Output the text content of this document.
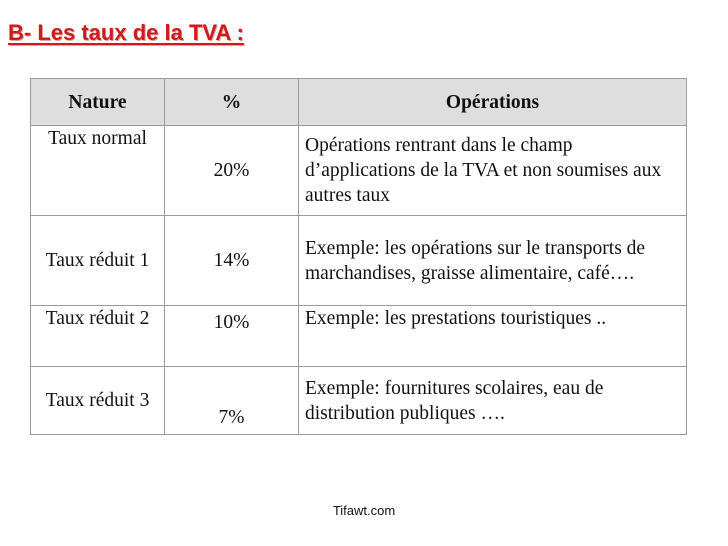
B- Les taux de la TVA :
Nature	%	Opérations
Taux normal	20%	Opérations rentrant dans le champ d’applications de la TVA et non soumises aux autres taux
Taux réduit 1	14%	Exemple: les opérations sur le transports de marchandises, graisse alimentaire, café….
Taux réduit 2	10%	Exemple: les prestations touristiques ..
Taux réduit 3	7%	Exemple: fournitures scolaires, eau de distribution publiques ….
Tifawt.com
